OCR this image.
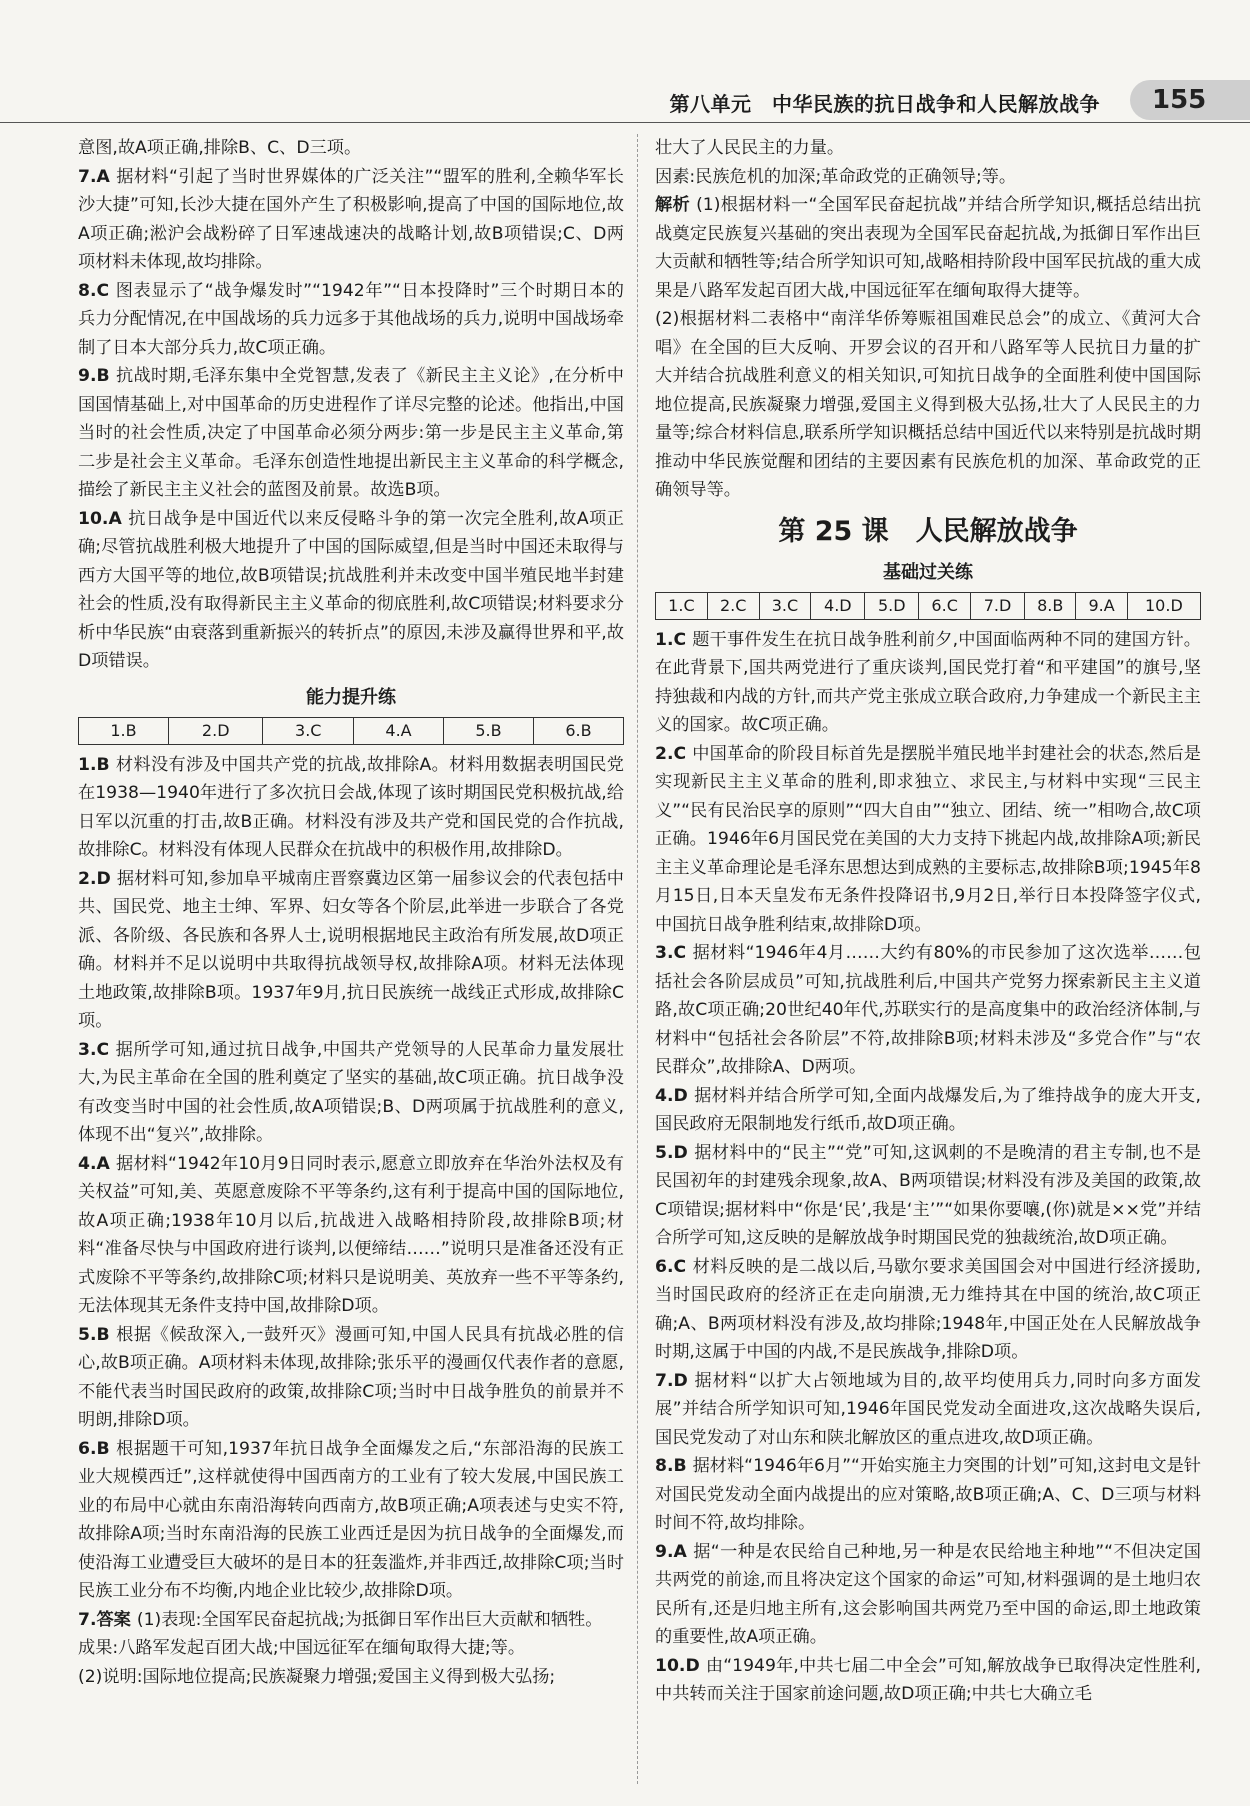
第八单元　中华民族的抗日战争和人民解放战争	155

意图,故A项正确,排除B、C、D三项。

7.A 据材料“引起了当时世界媒体的广泛关注”“盟军的胜利,全赖华军长沙大捷”可知,长沙大捷在国外产生了积极影响,提高了中国的国际地位,故A项正确;淞沪会战粉碎了日军速战速决的战略计划,故B项错误;C、D两项材料未体现,故均排除。

8.C 图表显示了“战争爆发时”“1942年”“日本投降时”三个时期日本的兵力分配情况,在中国战场的兵力远多于其他战场的兵力,说明中国战场牵制了日本大部分兵力,故C项正确。

9.B 抗战时期,毛泽东集中全党智慧,发表了《新民主主义论》,在分析中国国情基础上,对中国革命的历史进程作了详尽完整的论述。他指出,中国当时的社会性质,决定了中国革命必须分两步:第一步是民主主义革命,第二步是社会主义革命。毛泽东创造性地提出新民主主义革命的科学概念,描绘了新民主主义社会的蓝图及前景。故选B项。

10.A 抗日战争是中国近代以来反侵略斗争的第一次完全胜利,故A项正确;尽管抗战胜利极大地提升了中国的国际威望,但是当时中国还未取得与西方大国平等的地位,故B项错误;抗战胜利并未改变中国半殖民地半封建社会的性质,没有取得新民主主义革命的彻底胜利,故C项错误;材料要求分析中华民族“由衰落到重新振兴的转折点”的原因,未涉及赢得世界和平,故D项错误。

能力提升练
1.B	2.D	3.C	4.A	5.B	6.B

1.B 材料没有涉及中国共产党的抗战,故排除A。材料用数据表明国民党在1938—1940年进行了多次抗日会战,体现了该时期国民党积极抗战,给日军以沉重的打击,故B正确。材料没有涉及共产党和国民党的合作抗战,故排除C。材料没有体现人民群众在抗战中的积极作用,故排除D。

2.D 据材料可知,参加阜平城南庄晋察冀边区第一届参议会的代表包括中共、国民党、地主士绅、军界、妇女等各个阶层,此举进一步联合了各党派、各阶级、各民族和各界人士,说明根据地民主政治有所发展,故D项正确。材料并不足以说明中共取得抗战领导权,故排除A项。材料无法体现土地政策,故排除B项。1937年9月,抗日民族统一战线正式形成,故排除C项。

3.C 据所学可知,通过抗日战争,中国共产党领导的人民革命力量发展壮大,为民主革命在全国的胜利奠定了坚实的基础,故C项正确。抗日战争没有改变当时中国的社会性质,故A项错误;B、D两项属于抗战胜利的意义,体现不出“复兴”,故排除。

4.A 据材料“1942年10月9日同时表示,愿意立即放弃在华治外法权及有关权益”可知,美、英愿意废除不平等条约,这有利于提高中国的国际地位,故A项正确;1938年10月以后,抗战进入战略相持阶段,故排除B项;材料“准备尽快与中国政府进行谈判,以便缔结……”说明只是准备还没有正式废除不平等条约,故排除C项;材料只是说明美、英放弃一些不平等条约,无法体现其无条件支持中国,故排除D项。

5.B 根据《候敌深入,一鼓歼灭》漫画可知,中国人民具有抗战必胜的信心,故B项正确。A项材料未体现,故排除;张乐平的漫画仅代表作者的意愿,不能代表当时国民政府的政策,故排除C项;当时中日战争胜负的前景并不明朗,排除D项。

6.B 根据题干可知,1937年抗日战争全面爆发之后,“东部沿海的民族工业大规模西迁”,这样就使得中国西南方的工业有了较大发展,中国民族工业的布局中心就由东南沿海转向西南方,故B项正确;A项表述与史实不符,故排除A项;当时东南沿海的民族工业西迁是因为抗日战争的全面爆发,而使沿海工业遭受巨大破坏的是日本的狂轰滥炸,并非西迁,故排除C项;当时民族工业分布不均衡,内地企业比较少,故排除D项。

7.答案 (1)表现:全国军民奋起抗战;为抵御日军作出巨大贡献和牺牲。

成果:八路军发起百团大战;中国远征军在缅甸取得大捷;等。

(2)说明:国际地位提高;民族凝聚力增强;爱国主义得到极大弘扬;

壮大了人民民主的力量。

因素:民族危机的加深;革命政党的正确领导;等。

解析 (1)根据材料一“全国军民奋起抗战”并结合所学知识,概括总结出抗战奠定民族复兴基础的突出表现为全国军民奋起抗战,为抵御日军作出巨大贡献和牺牲等;结合所学知识可知,战略相持阶段中国军民抗战的重大成果是八路军发起百团大战,中国远征军在缅甸取得大捷等。

(2)根据材料二表格中“南洋华侨筹赈祖国难民总会”的成立、《黄河大合唱》在全国的巨大反响、开罗会议的召开和八路军等人民抗日力量的扩大并结合抗战胜利意义的相关知识,可知抗日战争的全面胜利使中国国际地位提高,民族凝聚力增强,爱国主义得到极大弘扬,壮大了人民民主的力量等;综合材料信息,联系所学知识概括总结中国近代以来特别是抗战时期推动中华民族觉醒和团结的主要因素有民族危机的加深、革命政党的正确领导等。

第 25 课　人民解放战争
基础过关练
1.C	2.C	3.C	4.D	5.D	6.C	7.D	8.B	9.A	10.D

1.C 题干事件发生在抗日战争胜利前夕,中国面临两种不同的建国方针。在此背景下,国共两党进行了重庆谈判,国民党打着“和平建国”的旗号,坚持独裁和内战的方针,而共产党主张成立联合政府,力争建成一个新民主主义的国家。故C项正确。

2.C 中国革命的阶段目标首先是摆脱半殖民地半封建社会的状态,然后是实现新民主主义革命的胜利,即求独立、求民主,与材料中实现“三民主义”“民有民治民享的原则”“四大自由”“独立、团结、统一”相吻合,故C项正确。1946年6月国民党在美国的大力支持下挑起内战,故排除A项;新民主主义革命理论是毛泽东思想达到成熟的主要标志,故排除B项;1945年8月15日,日本天皇发布无条件投降诏书,9月2日,举行日本投降签字仪式,中国抗日战争胜利结束,故排除D项。

3.C 据材料“1946年4月……大约有80%的市民参加了这次选举……包括社会各阶层成员”可知,抗战胜利后,中国共产党努力探索新民主主义道路,故C项正确;20世纪40年代,苏联实行的是高度集中的政治经济体制,与材料中“包括社会各阶层”不符,故排除B项;材料未涉及“多党合作”与“农民群众”,故排除A、D两项。

4.D 据材料并结合所学可知,全面内战爆发后,为了维持战争的庞大开支,国民政府无限制地发行纸币,故D项正确。

5.D 据材料中的“民主”“党”可知,这讽刺的不是晚清的君主专制,也不是民国初年的封建残余现象,故A、B两项错误;材料没有涉及美国的政策,故C项错误;据材料中“你是‘民’,我是‘主’”“如果你要嚷,(你)就是××党”并结合所学可知,这反映的是解放战争时期国民党的独裁统治,故D项正确。

6.C 材料反映的是二战以后,马歇尔要求美国国会对中国进行经济援助,当时国民政府的经济正在走向崩溃,无力维持其在中国的统治,故C项正确;A、B两项材料没有涉及,故均排除;1948年,中国正处在人民解放战争时期,这属于中国的内战,不是民族战争,排除D项。

7.D 据材料“以扩大占领地域为目的,故平均使用兵力,同时向多方面发展”并结合所学知识可知,1946年国民党发动全面进攻,这次战略失误后,国民党发动了对山东和陕北解放区的重点进攻,故D项正确。

8.B 据材料“1946年6月”“开始实施主力突围的计划”可知,这封电文是针对国民党发动全面内战提出的应对策略,故B项正确;A、C、D三项与材料时间不符,故均排除。

9.A 据“一种是农民给自己种地,另一种是农民给地主种地”“不但决定国共两党的前途,而且将决定这个国家的命运”可知,材料强调的是土地归农民所有,还是归地主所有,这会影响国共两党乃至中国的命运,即土地政策的重要性,故A项正确。

10.D 由“1949年,中共七届二中全会”可知,解放战争已取得决定性胜利,中共转而关注于国家前途问题,故D项正确;中共七大确立毛
